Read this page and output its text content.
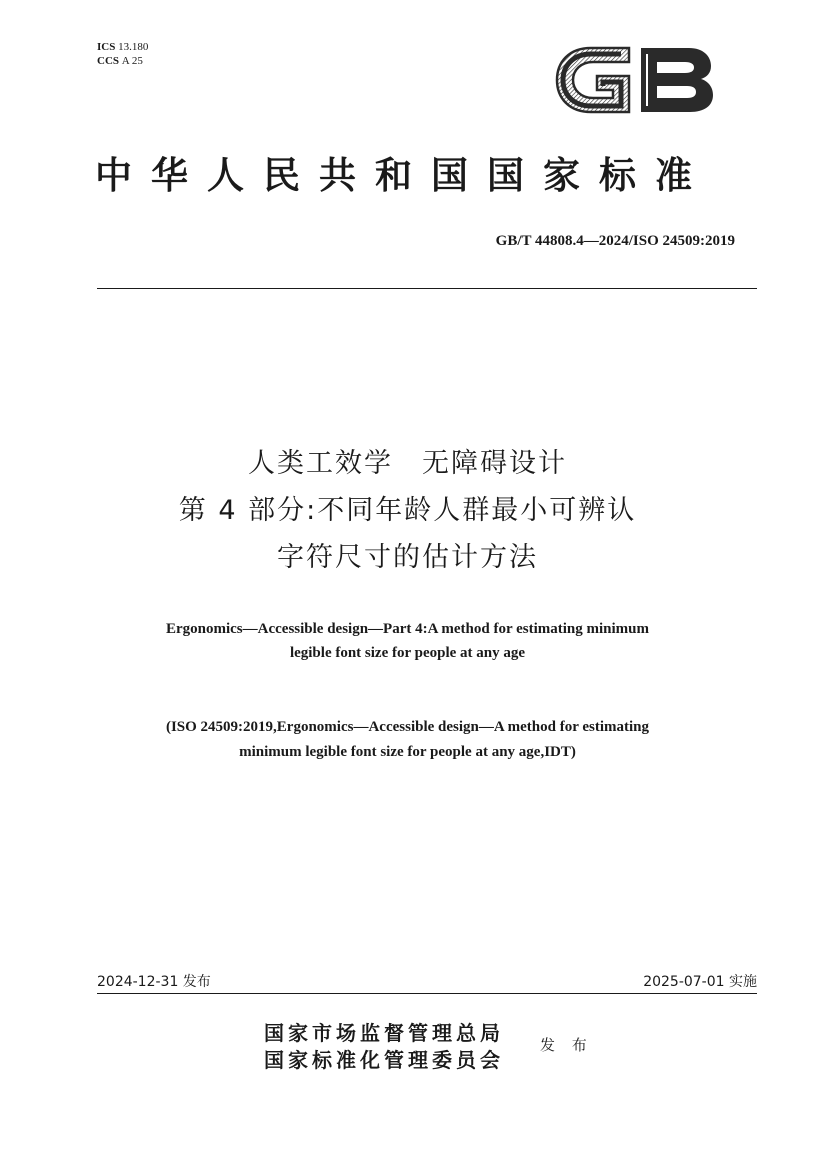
ICS 13.180
CCS A 25
中华人民共和国国家标准
GB/T 44808.4—2024/ISO 24509:2019
人类工效学　无障碍设计
第 4 部分:不同年龄人群最小可辨认
字符尺寸的估计方法
Ergonomics—Accessible design—Part 4:A method for estimating minimum
legible font size for people at any age
(ISO 24509:2019,Ergonomics—Accessible design—A method for estimating
minimum legible font size for people at any age,IDT)
2024-12-31 发布	2025-07-01 实施
国家市场监督管理总局
国家标准化管理委员会
发 布
